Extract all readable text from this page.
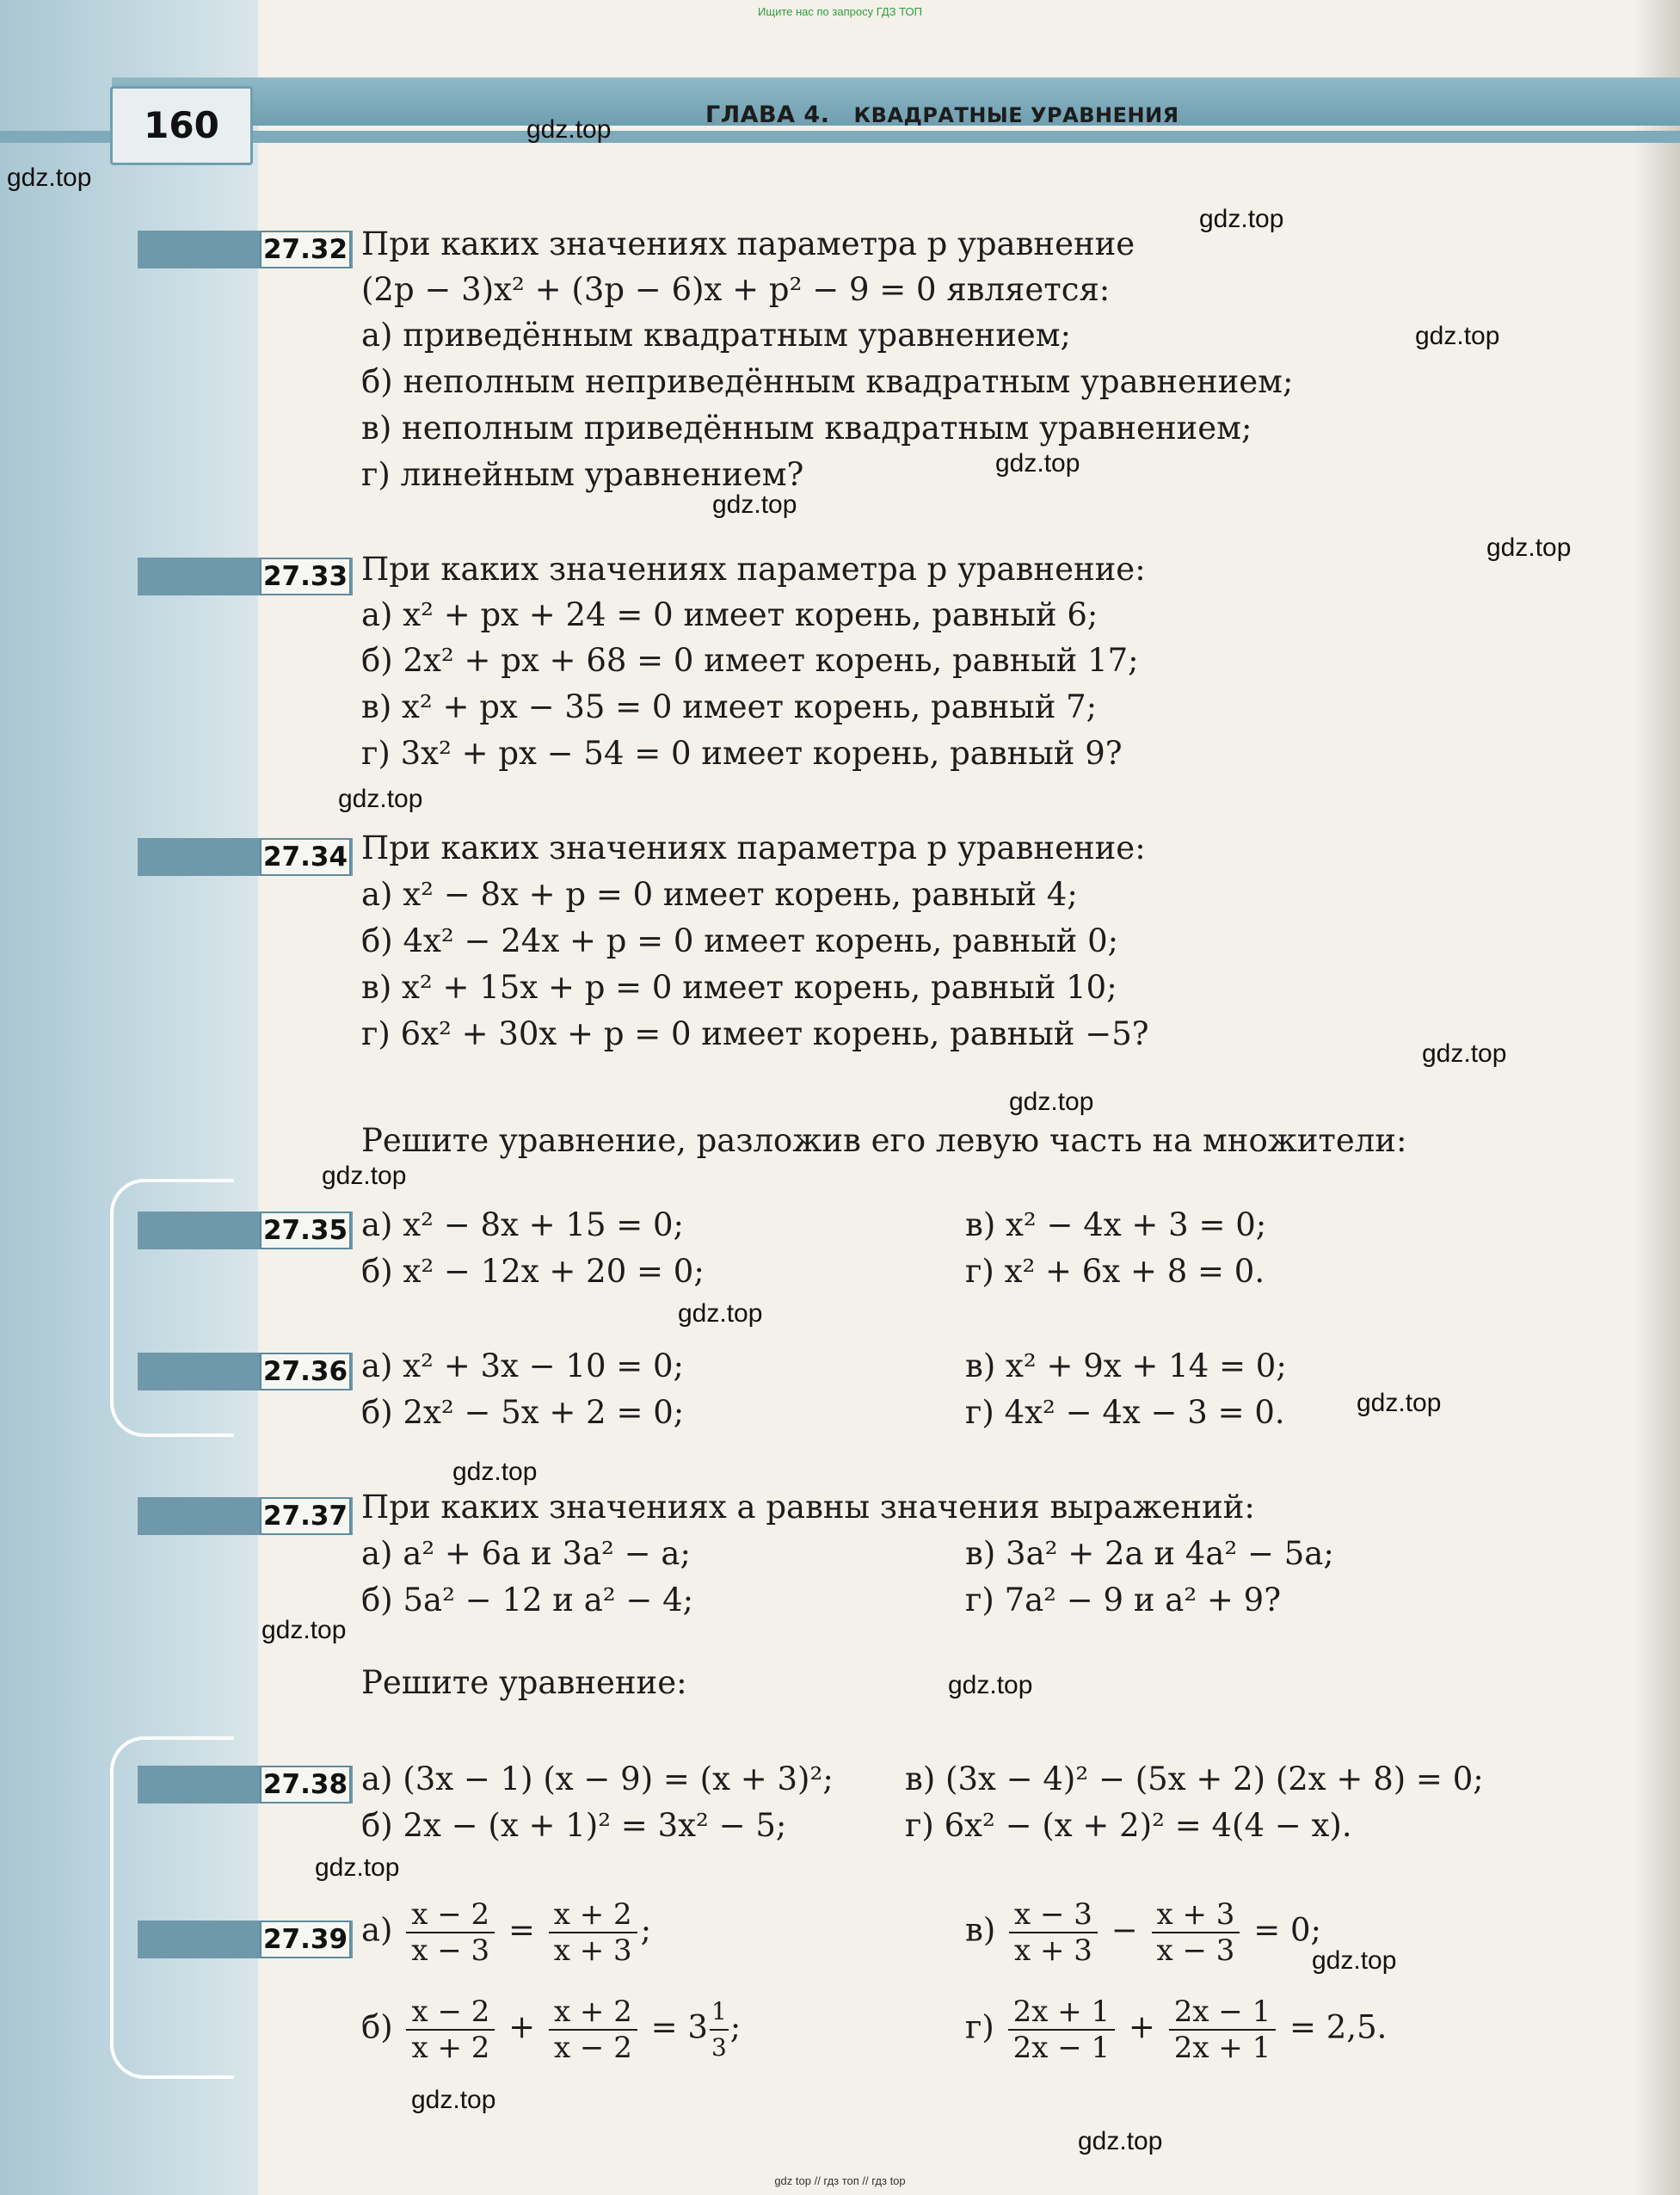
Ищите нас по запросу ГДЗ ТОП
160	ГЛАВА 4. КВАДРАТНЫЕ УРАВНЕНИЯ
27.32 При каких значениях параметра p уравнение
(2p − 3)x² + (3p − 6)x + p² − 9 = 0 является:
а) приведённым квадратным уравнением;
б) неполным неприведённым квадратным уравнением;
в) неполным приведённым квадратным уравнением;
г) линейным уравнением?
27.33 При каких значениях параметра p уравнение:
а) x² + px + 24 = 0 имеет корень, равный 6;
б) 2x² + px + 68 = 0 имеет корень, равный 17;
в) x² + px − 35 = 0 имеет корень, равный 7;
г) 3x² + px − 54 = 0 имеет корень, равный 9?
27.34 При каких значениях параметра p уравнение:
а) x² − 8x + p = 0 имеет корень, равный 4;
б) 4x² − 24x + p = 0 имеет корень, равный 0;
в) x² + 15x + p = 0 имеет корень, равный 10;
г) 6x² + 30x + p = 0 имеет корень, равный −5?
Решите уравнение, разложив его левую часть на множители:
27.35 а) x² − 8x + 15 = 0;
б) x² − 12x + 20 = 0;
в) x² − 4x + 3 = 0;
г) x² + 6x + 8 = 0.
27.36 а) x² + 3x − 10 = 0;
б) 2x² − 5x + 2 = 0;
в) x² + 9x + 14 = 0;
г) 4x² − 4x − 3 = 0.
27.37 При каких значениях a равны значения выражений:
а) a² + 6a и 3a² − a;
б) 5a² − 12 и a² − 4;
в) 3a² + 2a и 4a² − 5a;
г) 7a² − 9 и a² + 9?
Решите уравнение:
27.38 а) (3x − 1) (x − 9) = (x + 3)²;
б) 2x − (x + 1)² = 3x² − 5;
в) (3x − 4)² − (5x + 2) (2x + 8) = 0;
г) 6x² − (x + 2)² = 4(4 − x).
27.39 $а) \frac{x - 2}{x - 3} = \frac{x + 2}{x + 3}$ ;
$б) \frac{x - 2}{x + 2} + \frac{x + 2}{x - 2} = 3 \frac{1}{3}$ ;
$в) \frac{x - 3}{x + 3} - \frac{x + 3}{x - 3} = 0$;
$г) \frac{2x + 1}{2x - 1} + \frac{2x - 1}{2x + 1} = 2,5$.
gdz.top
gdz.top
gdz.top
gdz.top
gdz.top
gdz.top
gdz.top
gdz.top
gdz.top
gdz.top
gdz.top
gdz.top
gdz.top
gdz.top
gdz.top
gdz.top
gdz.top
gdz.top
gdz.top
gdz.top
gdz top // гдз топ // гдз top
